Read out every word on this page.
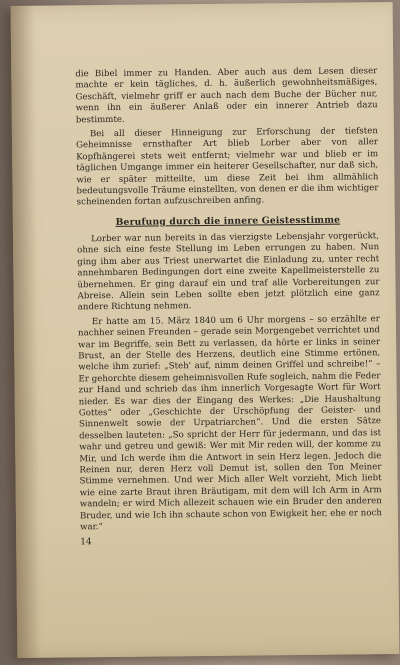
die Bibel immer zu Handen. Aber auch aus dem Lesen dieser machte er kein tägliches, d. h. äußerlich gewohnheitsmäßiges, Geschäft, vielmehr griff er auch nach dem Buche der Bücher nur, wenn ihn ein äußerer Anlaß oder ein innerer Antrieb dazu bestimmte.

Bei all dieser Hinneigung zur Erforschung der tiefsten Geheimnisse ernsthafter Art blieb Lorber aber von aller Kopfhängerei stets weit entfernt; vielmehr war und blieb er im täglichen Umgange immer ein heiterer Gesellschafter, nur daß sich, wie er später mitteilte, um diese Zeit bei ihm allmählich bedeutungsvolle Träume einstellten, von denen er die ihm wichtiger scheinenden fortan aufzuschreiben anfing.

Berufung durch die innere Geistesstimme

Lorber war nun bereits in das vierzigste Lebensjahr vorgerückt, ohne sich eine feste Stellung im Leben errungen zu haben. Nun ging ihm aber aus Triest unerwartet die Einladung zu, unter recht annehmbaren Bedingungen dort eine zweite Kapellmeisterstelle zu übernehmen. Er ging darauf ein und traf alle Vorbereitungen zur Abreise. Allein sein Leben sollte eben jetzt plötzlich eine ganz andere Richtung nehmen.

Er hatte am 15. März 1840 um 6 Uhr morgens – so erzählte er nachher seinen Freunden – gerade sein Morgengebet verrichtet und war im Begriffe, sein Bett zu verlassen, da hörte er links in seiner Brust, an der Stelle des Herzens, deutlich eine Stimme ertönen, welche ihm zurief: „Steh' auf, nimm deinen Griffel und schreibe!“ – Er gehorchte diesem geheimnisvollen Rufe sogleich, nahm die Feder zur Hand und schrieb das ihm innerlich Vorgesagte Wort für Wort nieder. Es war dies der Eingang des Werkes: „Die Haushaltung Gottes“ oder „Geschichte der Urschöpfung der Geister- und Sinnenwelt sowie der Urpatriarchen“. Und die ersten Sätze desselben lauteten: „So spricht der Herr für jedermann, und das ist wahr und getreu und gewiß: Wer mit Mir reden will, der komme zu Mir, und Ich werde ihm die Antwort in sein Herz legen. Jedoch die Reinen nur, deren Herz voll Demut ist, sollen den Ton Meiner Stimme vernehmen. Und wer Mich aller Welt vorzieht, Mich liebt wie eine zarte Braut ihren Bräutigam, mit dem will Ich Arm in Arm wandeln; er wird Mich allezeit schauen wie ein Bruder den anderen Bruder, und wie Ich ihn schaute schon von Ewigkeit her, ehe er noch war.“

14
